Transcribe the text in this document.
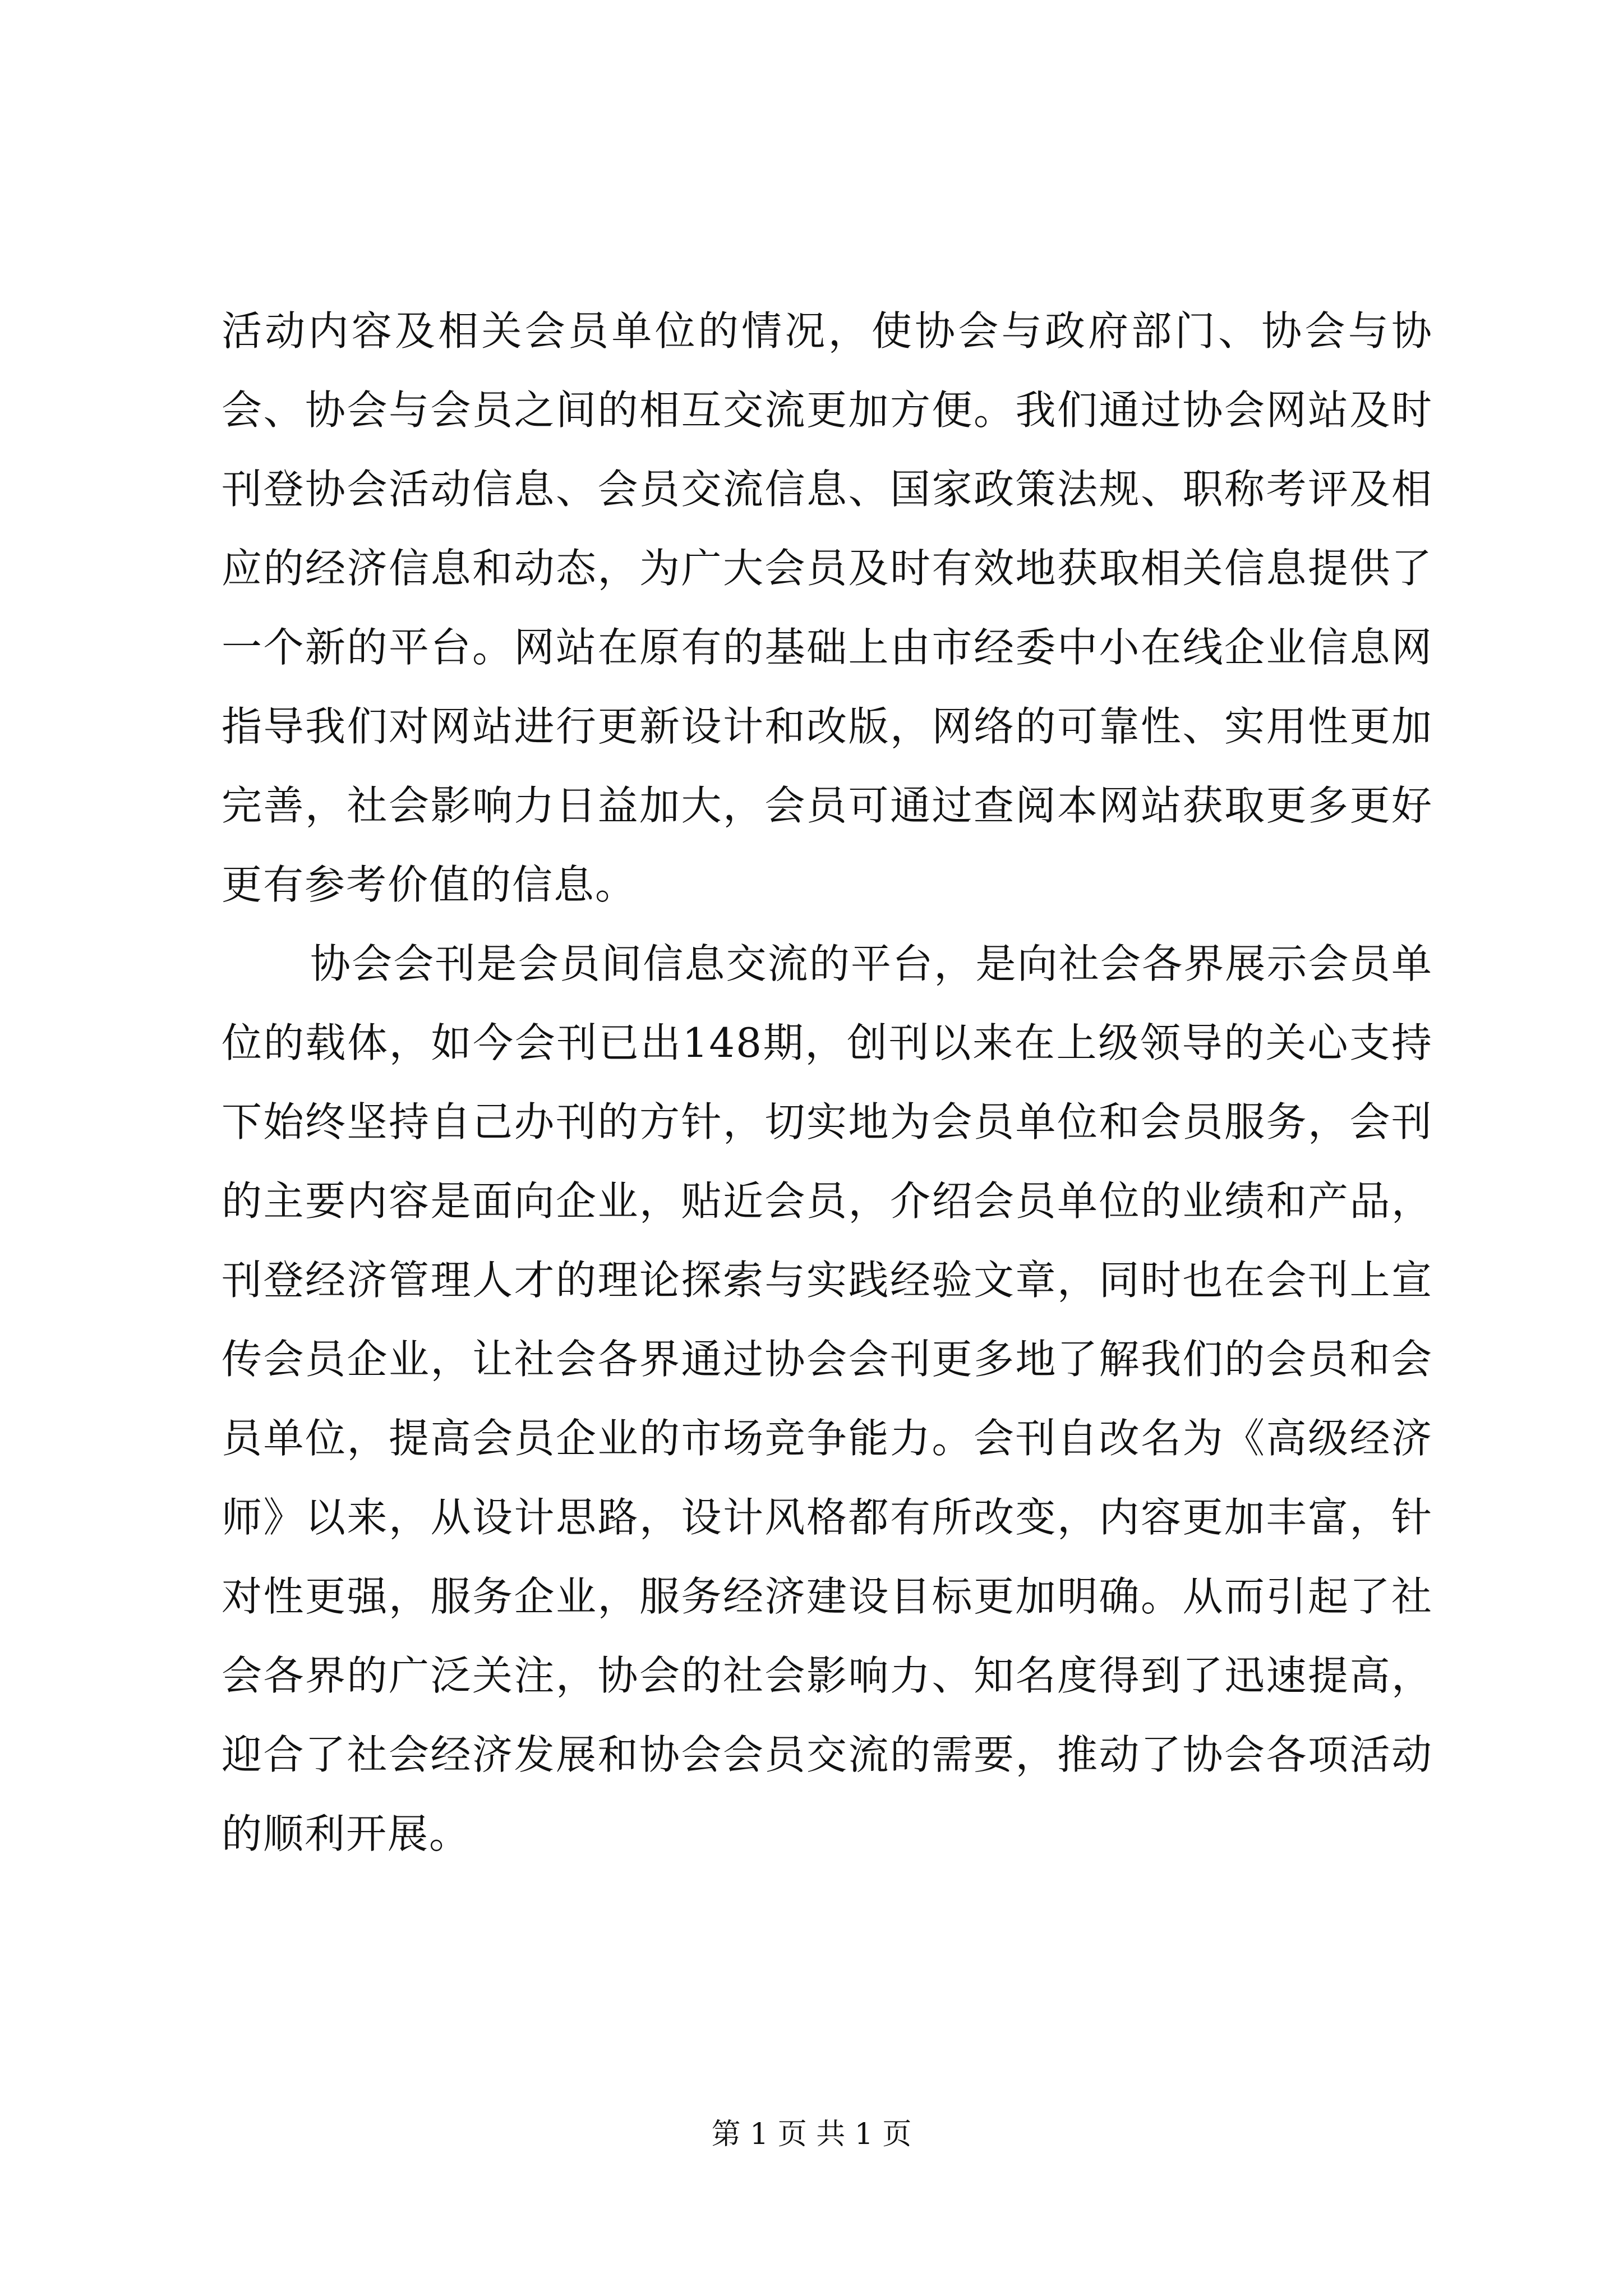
活动内容及相关会员单位的情况，使协会与政府部门、协会与协会、协会与会员之间的相互交流更加方便。我们通过协会网站及时刊登协会活动信息、会员交流信息、国家政策法规、职称考评及相应的经济信息和动态，为广大会员及时有效地获取相关信息提供了一个新的平台。网站在原有的基础上由市经委中小在线企业信息网指导我们对网站进行更新设计和改版，网络的可靠性、实用性更加完善，社会影响力日益加大，会员可通过查阅本网站获取更多更好更有参考价值的信息。

协会会刊是会员间信息交流的平台，是向社会各界展示会员单位的载体，如今会刊已出148期，创刊以来在上级领导的关心支持下始终坚持自己办刊的方针，切实地为会员单位和会员服务，会刊的主要内容是面向企业，贴近会员，介绍会员单位的业绩和产品，刊登经济管理人才的理论探索与实践经验文章，同时也在会刊上宣传会员企业，让社会各界通过协会会刊更多地了解我们的会员和会员单位，提高会员企业的市场竞争能力。会刊自改名为《高级经济师》以来，从设计思路，设计风格都有所改变，内容更加丰富，针对性更强，服务企业，服务经济建设目标更加明确。从而引起了社会各界的广泛关注，协会的社会影响力、知名度得到了迅速提高，迎合了社会经济发展和协会会员交流的需要，推动了协会各项活动的顺利开展。

第 1 页 共 1 页
